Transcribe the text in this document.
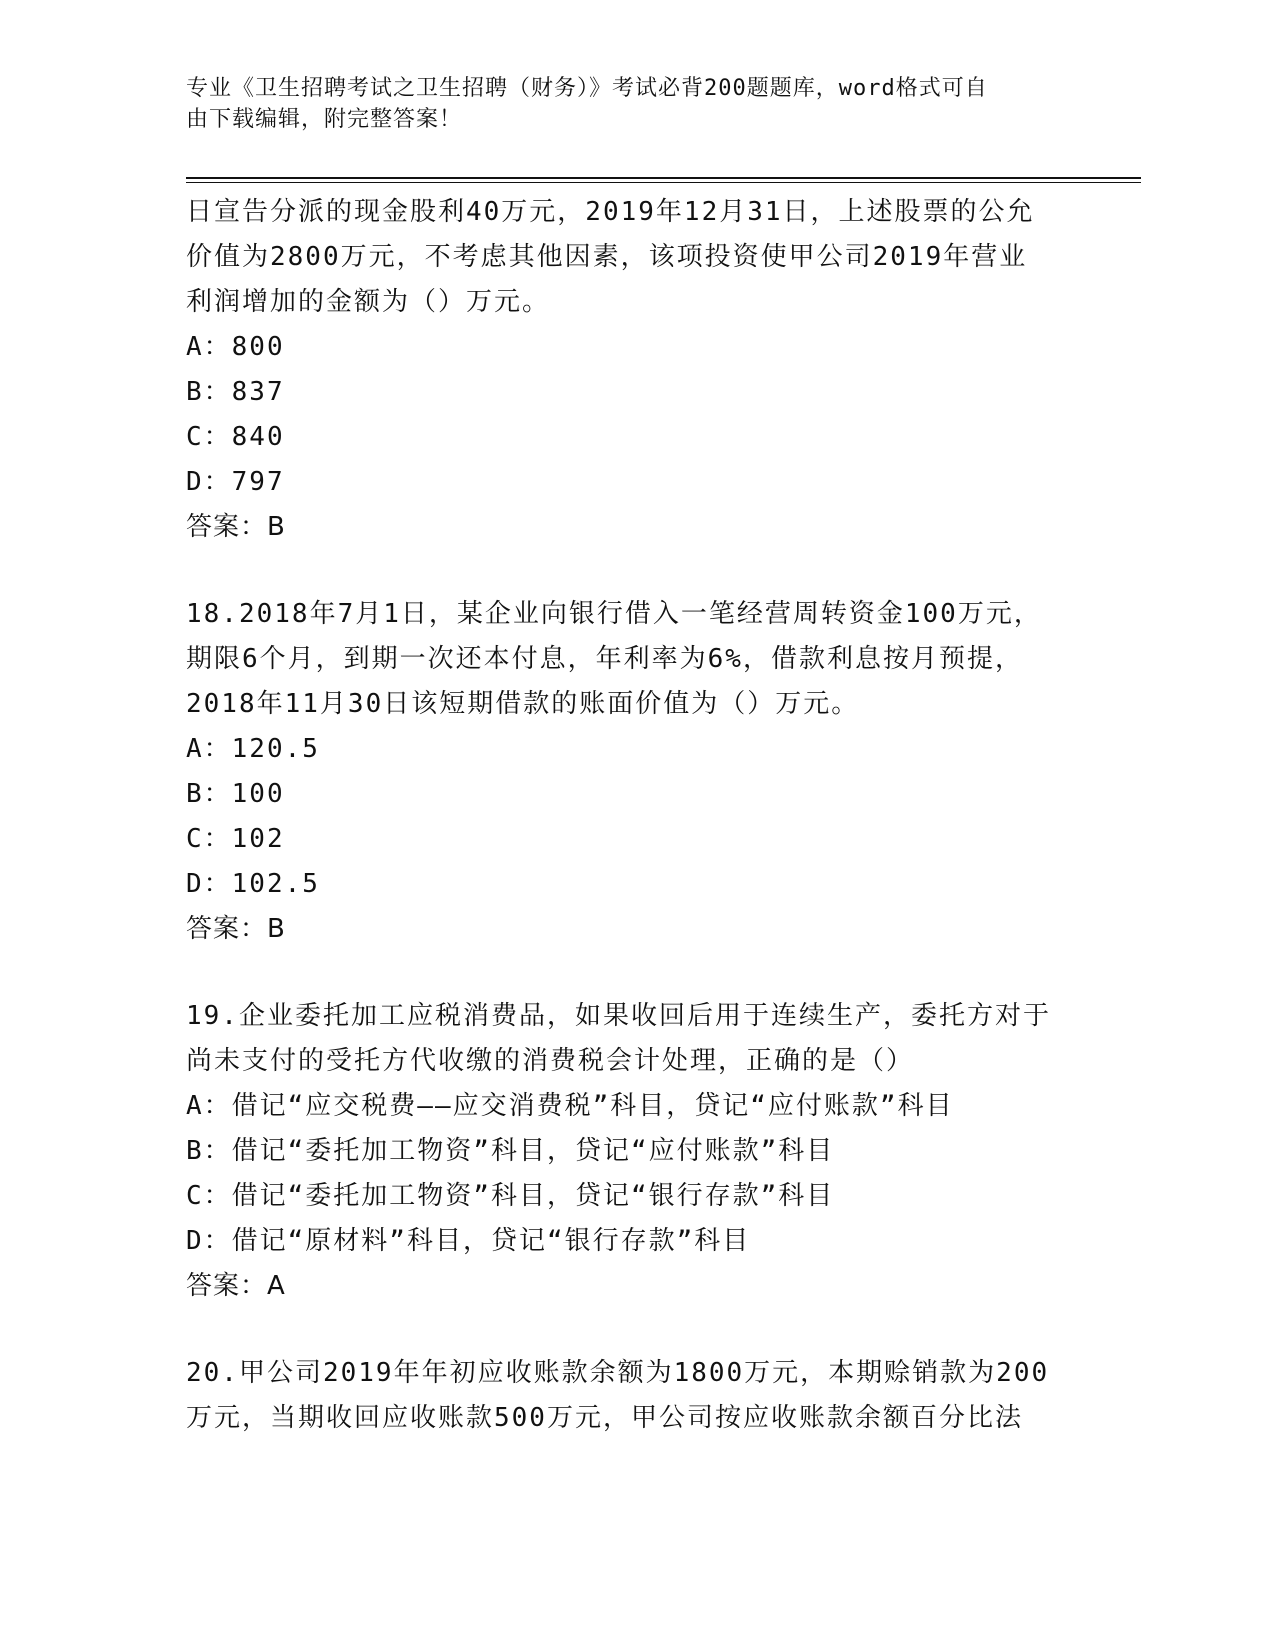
专业《卫生招聘考试之卫生招聘（财务）》考试必背200题题库，word格式可自
由下载编辑，附完整答案！
日宣告分派的现金股利40万元，2019年12月31日，上述股票的公允
价值为2800万元，不考虑其他因素，该项投资使甲公司2019年营业
利润增加的金额为（）万元。
A：800
B：837
C：840
D：797
答案：B
18.2018年7月1日，某企业向银行借入一笔经营周转资金100万元，
期限6个月，到期一次还本付息，年利率为6%，借款利息按月预提，
2018年11月30日该短期借款的账面价值为（）万元。
A：120.5
B：100
C：102
D：102.5
答案：B
19.企业委托加工应税消费品，如果收回后用于连续生产，委托方对于
尚未支付的受托方代收缴的消费税会计处理，正确的是（）
A：借记“应交税费——应交消费税”科目，贷记“应付账款”科目
B：借记“委托加工物资”科目，贷记“应付账款”科目
C：借记“委托加工物资”科目，贷记“银行存款”科目
D：借记“原材料”科目，贷记“银行存款”科目
答案：A
20.甲公司2019年年初应收账款余额为1800万元，本期赊销款为200
万元，当期收回应收账款500万元，甲公司按应收账款余额百分比法
